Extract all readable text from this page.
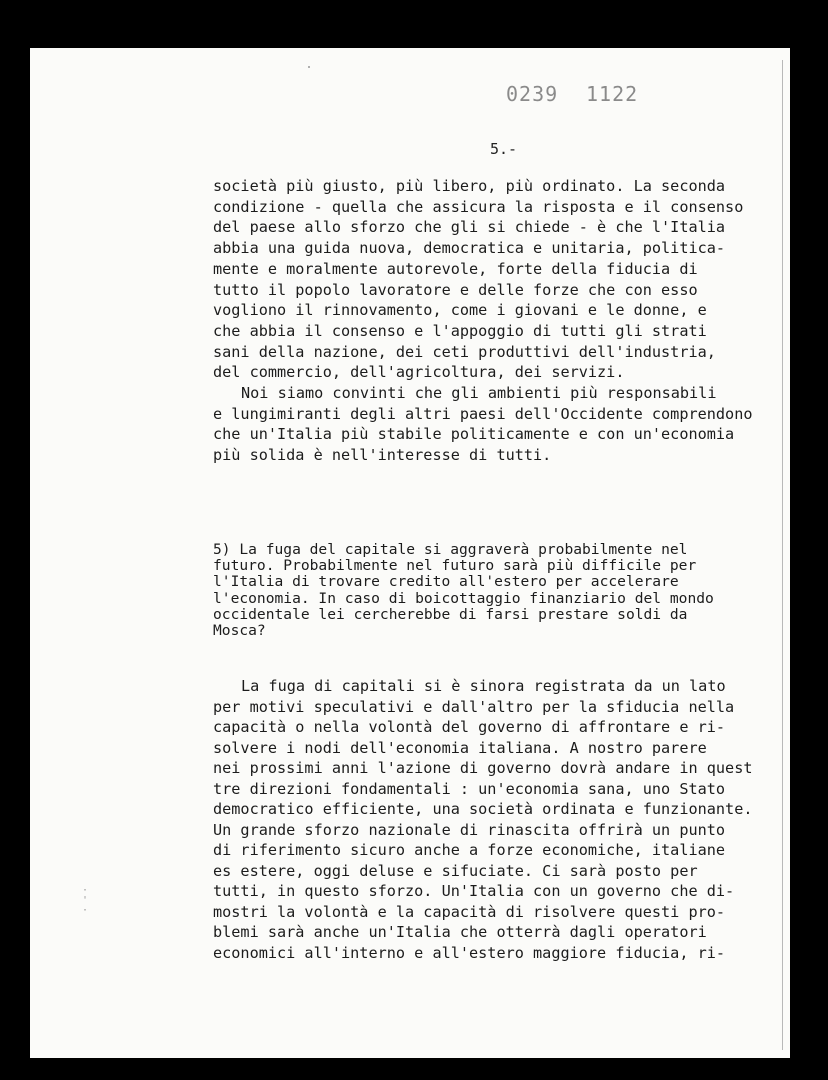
0239 1122
5.-
società più giusto, più libero, più ordinato. La seconda
condizione - quella che assicura la risposta e il consenso
del paese allo sforzo che gli si chiede - è che l'Italia
abbia una guida nuova, democratica e unitaria, politica-
mente e moralmente autorevole, forte della fiducia di
tutto il popolo lavoratore e delle forze che con esso
vogliono il rinnovamento, come i giovani e le donne, e
che abbia il consenso e l'appoggio di tutti gli strati
sani della nazione, dei ceti produttivi dell'industria,
del commercio, dell'agricoltura, dei servizi.
Noi siamo convinti che gli ambienti più responsabili
e lungimiranti degli altri paesi dell'Occidente comprendono
che un'Italia più stabile politicamente e con un'economia
più solida è nell'interesse di tutti.
5) La fuga del capitale si aggraverà probabilmente nel
futuro. Probabilmente nel futuro sarà più difficile per
l'Italia di trovare credito all'estero per accelerare
l'economia. In caso di boicottaggio finanziario del mondo
occidentale lei cercherebbe di farsi prestare soldi da
Mosca?
La fuga di capitali si è sinora registrata da un lato
per motivi speculativi e dall'altro per la sfiducia nella
capacità o nella volontà del governo di affrontare e ri-
solvere i nodi dell'economia italiana. A nostro parere
nei prossimi anni l'azione di governo dovrà andare in quest
tre direzioni fondamentali : un'economia sana, uno Stato
democratico efficiente, una società ordinata e funzionante.
Un grande sforzo nazionale di rinascita offrirà un punto
di riferimento sicuro anche a forze economiche, italiane
es estere, oggi deluse e sifuciate. Ci sarà posto per
tutti, in questo sforzo. Un'Italia con un governo che di-
mostri la volontà e la capacità di risolvere questi pro-
blemi sarà anche un'Italia che otterrà dagli operatori
economici all'interno e all'estero maggiore fiducia, ri-
·
'
·
